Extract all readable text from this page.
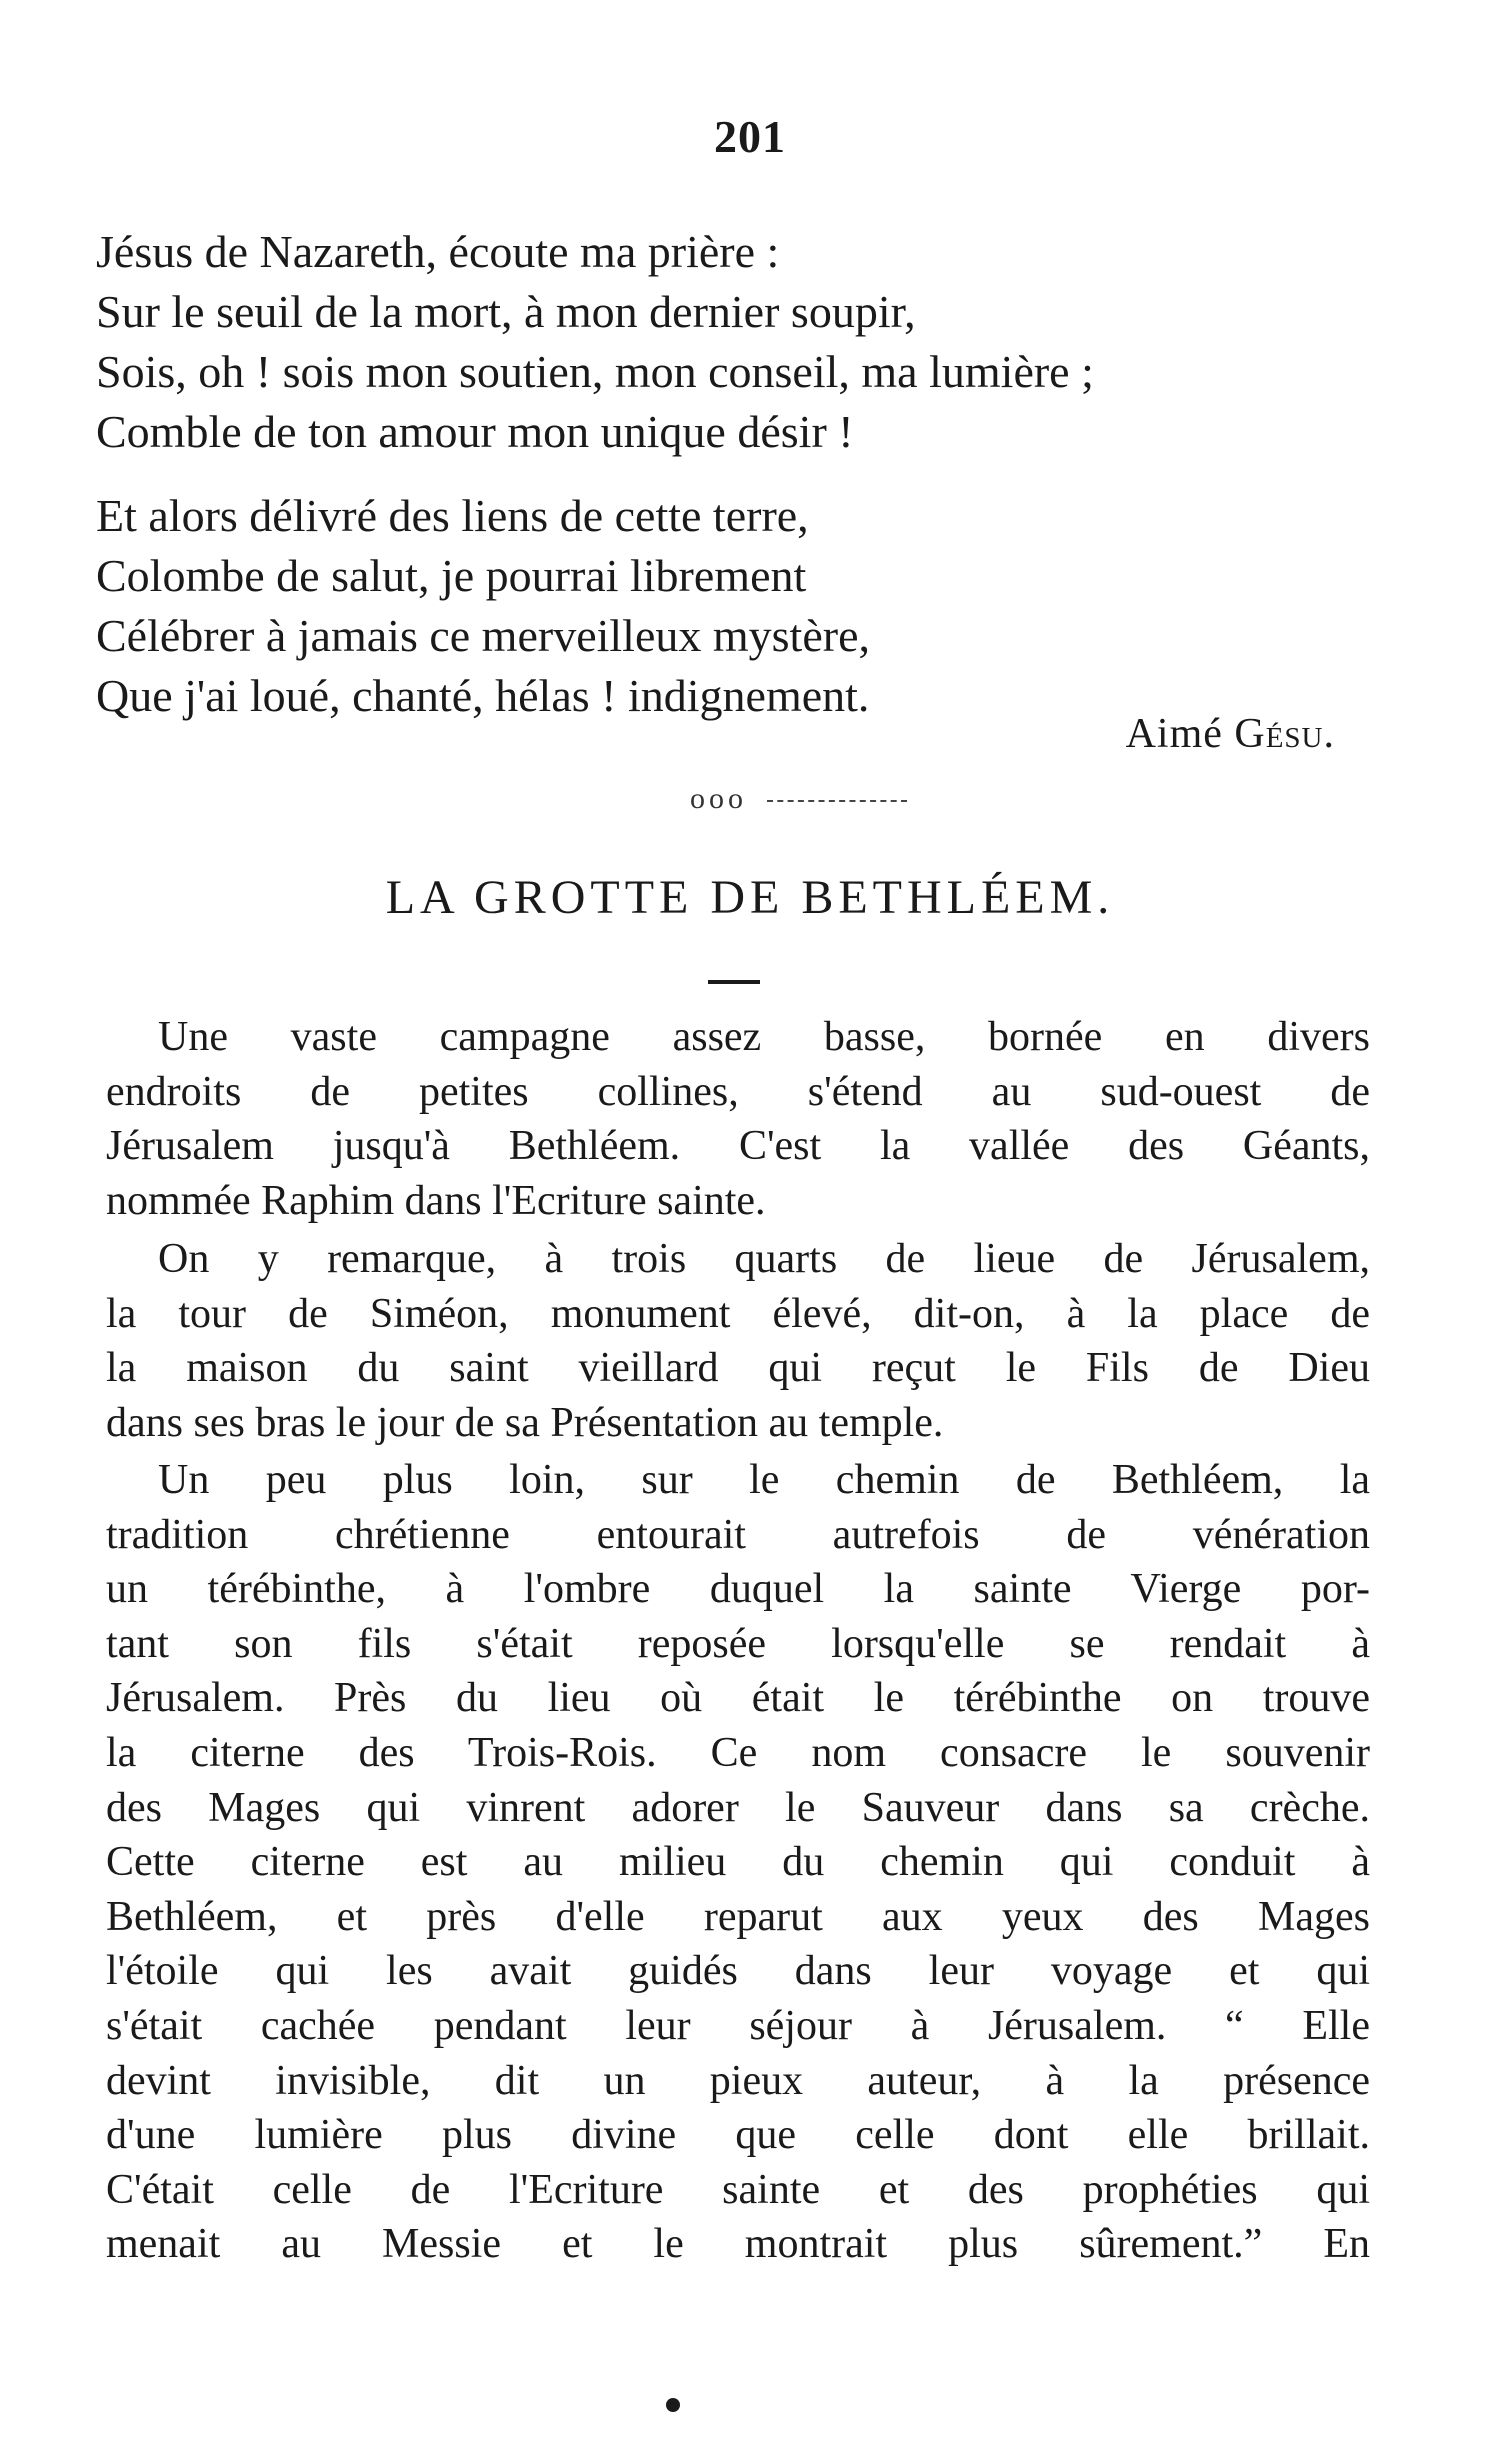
201
Jésus de Nazareth, écoute ma prière :
Sur le seuil de la mort, à mon dernier soupir,
Sois, oh ! sois mon soutien, mon conseil, ma lumière ;
Comble de ton amour mon unique désir !
Et alors délivré des liens de cette terre,
Colombe de salut, je pourrai librement
Célébrer à jamais ce merveilleux mystère,
Que j'ai loué, chanté, hélas ! indignement.
Aimé Gésu.
ooo
LA GROTTE DE BETHLÉEM.
Une vaste campagne assez basse, bornée en divers
endroits de petites collines, s'étend au sud-ouest de
Jérusalem jusqu'à Bethléem. C'est la vallée des Géants,
nommée Raphim dans l'Ecriture sainte.
On y remarque, à trois quarts de lieue de Jérusalem,
la tour de Siméon, monument élevé, dit-on, à la place de
la maison du saint vieillard qui reçut le Fils de Dieu
dans ses bras le jour de sa Présentation au temple.
Un peu plus loin, sur le chemin de Bethléem, la
tradition chrétienne entourait autrefois de vénération
un térébinthe, à l'ombre duquel la sainte Vierge por-
tant son fils s'était reposée lorsqu'elle se rendait à
Jérusalem. Près du lieu où était le térébinthe on trouve
la citerne des Trois-Rois. Ce nom consacre le souvenir
des Mages qui vinrent adorer le Sauveur dans sa crèche.
Cette citerne est au milieu du chemin qui conduit à
Bethléem, et près d'elle reparut aux yeux des Mages
l'étoile qui les avait guidés dans leur voyage et qui
s'était cachée pendant leur séjour à Jérusalem. “ Elle
devint invisible, dit un pieux auteur, à la présence
d'une lumière plus divine que celle dont elle brillait.
C'était celle de l'Ecriture sainte et des prophéties qui
menait au Messie et le montrait plus sûrement.” En
